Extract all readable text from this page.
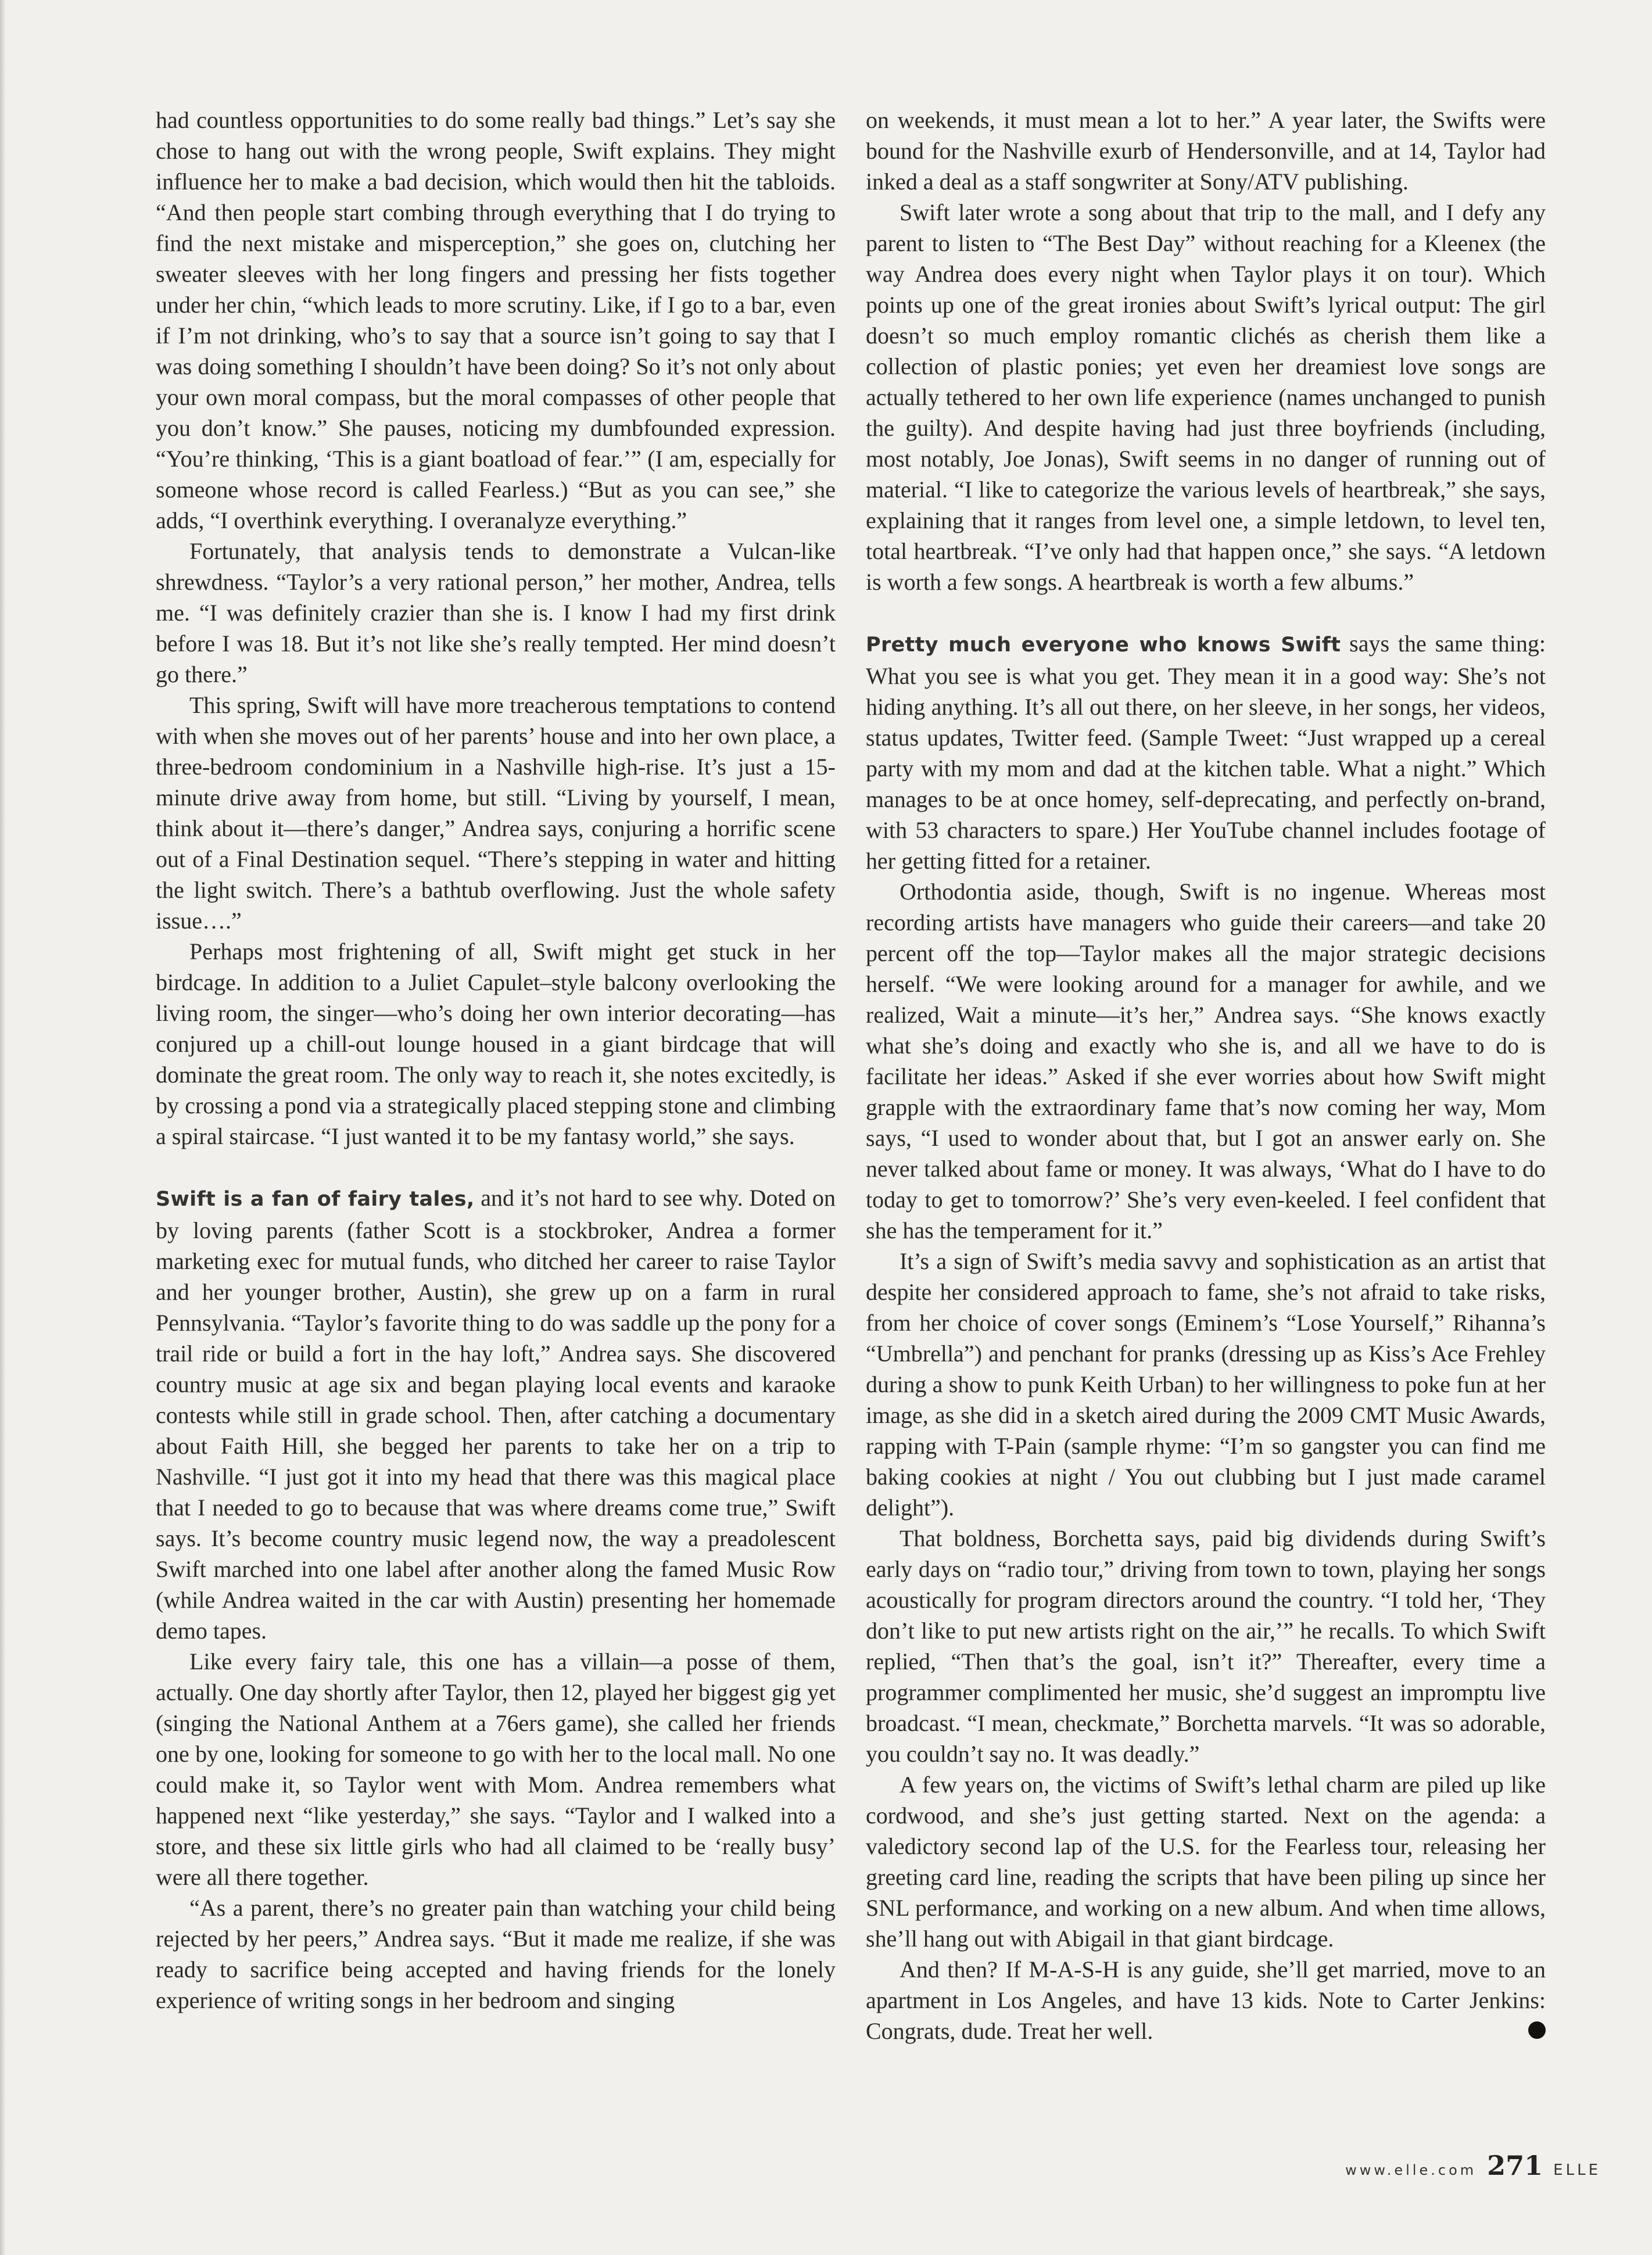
had countless opportunities to do some really bad things.” Let’s say she chose to hang out with the wrong people, Swift explains. They might influence her to make a bad decision, which would then hit the tabloids. “And then people start combing through everything that I do trying to find the next mistake and misperception,” she goes on, clutching her sweater sleeves with her long fingers and pressing her fists together under her chin, “which leads to more scrutiny. Like, if I go to a bar, even if I’m not drinking, who’s to say that a source isn’t going to say that I was doing something I shouldn’t have been doing? So it’s not only about your own moral compass, but the moral compasses of other people that you don’t know.” She pauses, noticing my dumbfounded expression. “You’re thinking, ‘This is a giant boatload of fear.’” (I am, especially for someone whose record is called Fearless.) “But as you can see,” she adds, “I overthink everything. I overanalyze everything.”

Fortunately, that analysis tends to demonstrate a Vulcan-like shrewdness. “Taylor’s a very rational person,” her mother, Andrea, tells me. “I was definitely crazier than she is. I know I had my first drink before I was 18. But it’s not like she’s really tempted. Her mind doesn’t go there.”

This spring, Swift will have more treacherous temptations to contend with when she moves out of her parents’ house and into her own place, a three-bedroom condominium in a Nashville high-rise. It’s just a 15-minute drive away from home, but still. “Living by yourself, I mean, think about it—there’s danger,” Andrea says, conjuring a horrific scene out of a Final Destination sequel. “There’s stepping in water and hitting the light switch. There’s a bathtub overflowing. Just the whole safety issue….”

Perhaps most frightening of all, Swift might get stuck in her birdcage. In addition to a Juliet Capulet–style balcony overlooking the living room, the singer—who’s doing her own interior decorating—has conjured up a chill-out lounge housed in a giant birdcage that will dominate the great room. The only way to reach it, she notes excitedly, is by crossing a pond via a strategically placed stepping stone and climbing a spiral staircase. “I just wanted it to be my fantasy world,” she says.

Swift is a fan of fairy tales, and it’s not hard to see why. Doted on by loving parents (father Scott is a stockbroker, Andrea a former marketing exec for mutual funds, who ditched her career to raise Taylor and her younger brother, Austin), she grew up on a farm in rural Pennsylvania. “Taylor’s favorite thing to do was saddle up the pony for a trail ride or build a fort in the hay loft,” Andrea says. She discovered country music at age six and began playing local events and karaoke contests while still in grade school. Then, after catching a documentary about Faith Hill, she begged her parents to take her on a trip to Nashville. “I just got it into my head that there was this magical place that I needed to go to because that was where dreams come true,” Swift says. It’s become country music legend now, the way a preadolescent Swift marched into one label after another along the famed Music Row (while Andrea waited in the car with Austin) presenting her homemade demo tapes.

Like every fairy tale, this one has a villain—a posse of them, actually. One day shortly after Taylor, then 12, played her biggest gig yet (singing the National Anthem at a 76ers game), she called her friends one by one, looking for someone to go with her to the local mall. No one could make it, so Taylor went with Mom. Andrea remembers what happened next “like yesterday,” she says. “Taylor and I walked into a store, and these six little girls who had all claimed to be ‘really busy’ were all there together.

“As a parent, there’s no greater pain than watching your child being rejected by her peers,” Andrea says. “But it made me realize, if she was ready to sacrifice being accepted and having friends for the lonely experience of writing songs in her bedroom and singing

on weekends, it must mean a lot to her.” A year later, the Swifts were bound for the Nashville exurb of Hendersonville, and at 14, Taylor had inked a deal as a staff songwriter at Sony/ATV publishing.

Swift later wrote a song about that trip to the mall, and I defy any parent to listen to “The Best Day” without reaching for a Kleenex (the way Andrea does every night when Taylor plays it on tour). Which points up one of the great ironies about Swift’s lyrical output: The girl doesn’t so much employ romantic clichés as cherish them like a collection of plastic ponies; yet even her dreamiest love songs are actually tethered to her own life experience (names unchanged to punish the guilty). And despite having had just three boyfriends (including, most notably, Joe Jonas), Swift seems in no danger of running out of material. “I like to categorize the various levels of heartbreak,” she says, explaining that it ranges from level one, a simple letdown, to level ten, total heartbreak. “I’ve only had that happen once,” she says. “A letdown is worth a few songs. A heartbreak is worth a few albums.”

Pretty much everyone who knows Swift says the same thing: What you see is what you get. They mean it in a good way: She’s not hiding anything. It’s all out there, on her sleeve, in her songs, her videos, status updates, Twitter feed. (Sample Tweet: “Just wrapped up a cereal party with my mom and dad at the kitchen table. What a night.” Which manages to be at once homey, self-deprecating, and perfectly on-brand, with 53 characters to spare.) Her YouTube channel includes footage of her getting fitted for a retainer.

Orthodontia aside, though, Swift is no ingenue. Whereas most recording artists have managers who guide their careers—and take 20 percent off the top—Taylor makes all the major strategic decisions herself. “We were looking around for a manager for awhile, and we realized, Wait a minute—it’s her,” Andrea says. “She knows exactly what she’s doing and exactly who she is, and all we have to do is facilitate her ideas.” Asked if she ever worries about how Swift might grapple with the extraordinary fame that’s now coming her way, Mom says, “I used to wonder about that, but I got an answer early on. She never talked about fame or money. It was always, ‘What do I have to do today to get to tomorrow?’ She’s very even-keeled. I feel confident that she has the temperament for it.”

It’s a sign of Swift’s media savvy and sophistication as an artist that despite her considered approach to fame, she’s not afraid to take risks, from her choice of cover songs (Eminem’s “Lose Yourself,” Rihanna’s “Umbrella”) and penchant for pranks (dressing up as Kiss’s Ace Frehley during a show to punk Keith Urban) to her willingness to poke fun at her image, as she did in a sketch aired during the 2009 CMT Music Awards, rapping with T-Pain (sample rhyme: “I’m so gangster you can find me baking cookies at night / You out clubbing but I just made caramel delight”).

That boldness, Borchetta says, paid big dividends during Swift’s early days on “radio tour,” driving from town to town, playing her songs acoustically for program directors around the country. “I told her, ‘They don’t like to put new artists right on the air,’” he recalls. To which Swift replied, “Then that’s the goal, isn’t it?” Thereafter, every time a programmer complimented her music, she’d suggest an impromptu live broadcast. “I mean, checkmate,” Borchetta marvels. “It was so adorable, you couldn’t say no. It was deadly.”

A few years on, the victims of Swift’s lethal charm are piled up like cordwood, and she’s just getting started. Next on the agenda: a valedictory second lap of the U.S. for the Fearless tour, releasing her greeting card line, reading the scripts that have been piling up since her SNL performance, and working on a new album. And when time allows, she’ll hang out with Abigail in that giant birdcage.

And then? If M-A-S-H is any guide, she’ll get married, move to an apartment in Los Angeles, and have 13 kids. Note to Carter Jenkins: Congrats, dude. Treat her well.

www.elle.com 271 ELLE
